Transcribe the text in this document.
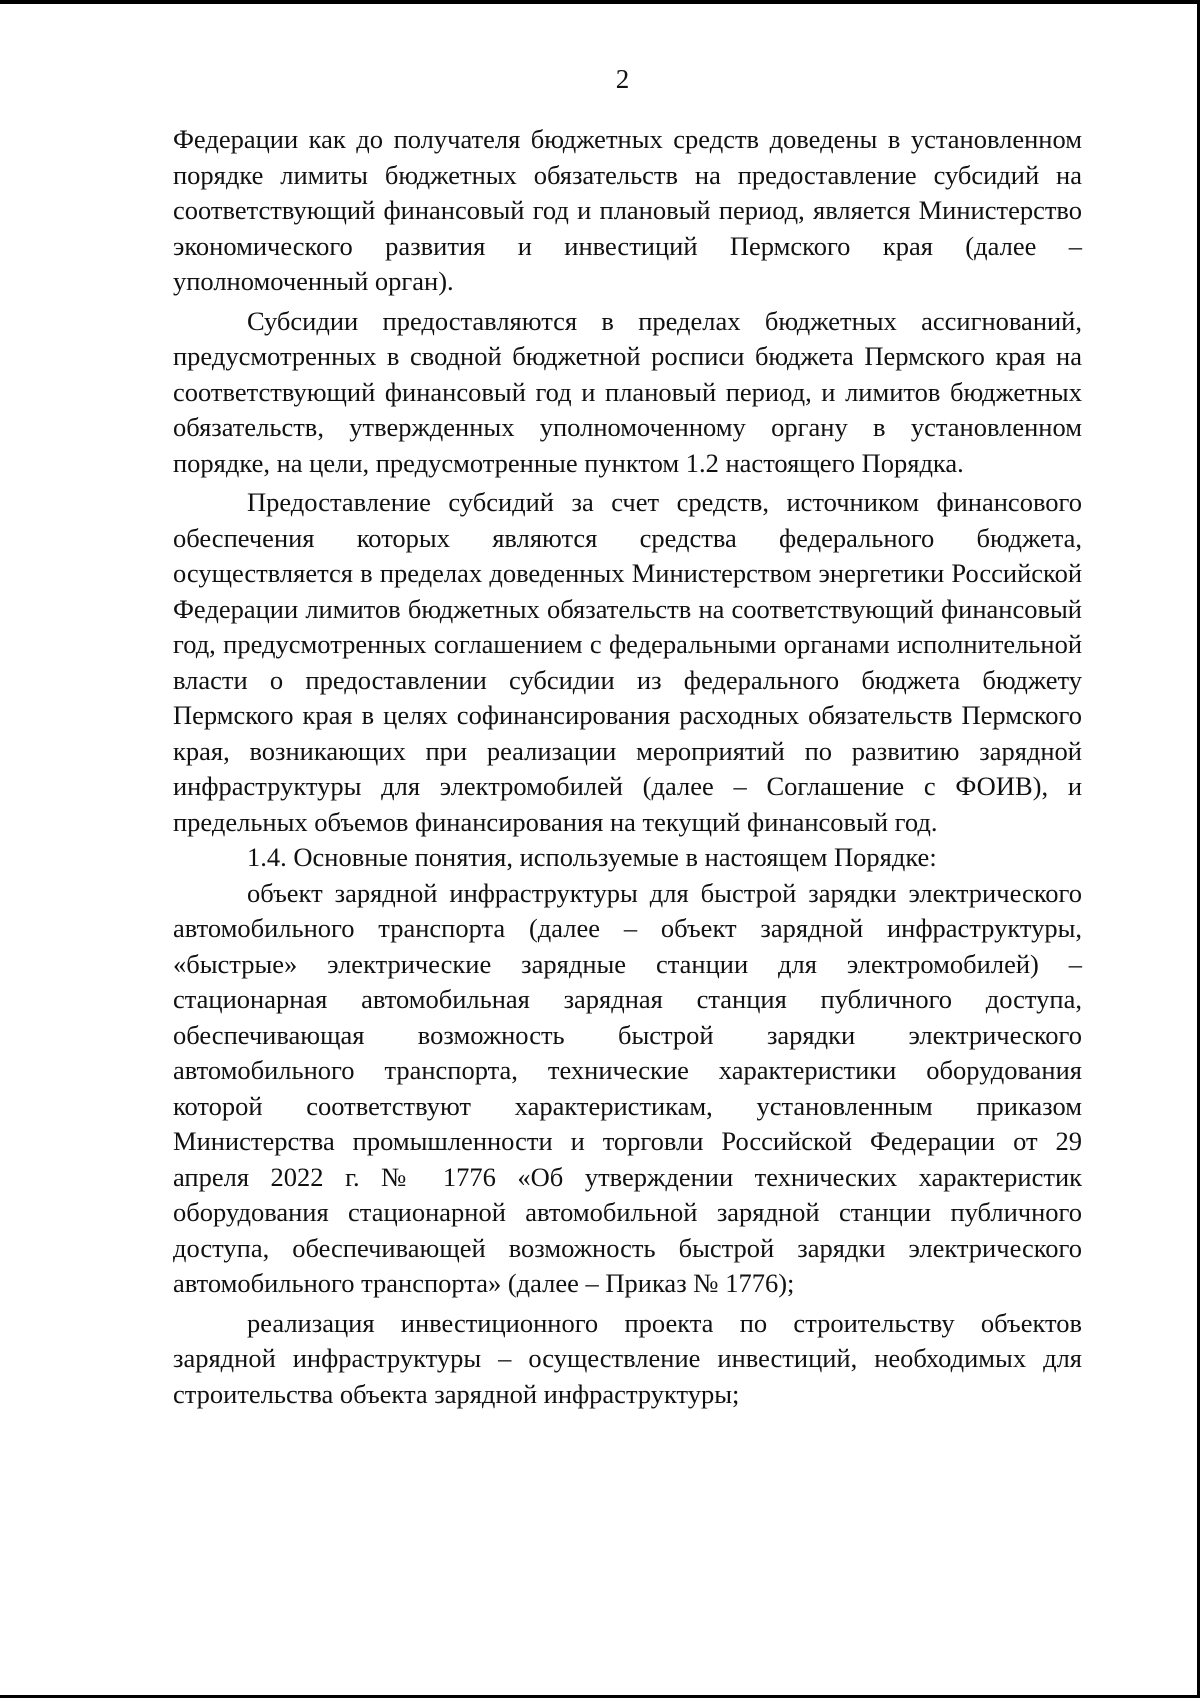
2

Федерации как до получателя бюджетных средств доведены в установленном порядке лимиты бюджетных обязательств на предоставление субсидий на соответствующий финансовый год и плановый период, является Министерство экономического развития и инвестиций Пермского края (далее – уполномоченный орган).

Субсидии предоставляются в пределах бюджетных ассигнований, предусмотренных в сводной бюджетной росписи бюджета Пермского края на соответствующий финансовый год и плановый период, и лимитов бюджетных обязательств, утвержденных уполномоченному органу в установленном порядке, на цели, предусмотренные пунктом 1.2 настоящего Порядка.

Предоставление субсидий за счет средств, источником финансового обеспечения которых являются средства федерального бюджета, осуществляется в пределах доведенных Министерством энергетики Российской Федерации лимитов бюджетных обязательств на соответствующий финансовый год, предусмотренных соглашением с федеральными органами исполнительной власти о предоставлении субсидии из федерального бюджета бюджету Пермского края в целях софинансирования расходных обязательств Пермского края, возникающих при реализации мероприятий по развитию зарядной инфраструктуры для электромобилей (далее – Соглашение с ФОИВ), и предельных объемов финансирования на текущий финансовый год.

1.4. Основные понятия, используемые в настоящем Порядке:

объект зарядной инфраструктуры для быстрой зарядки электрического автомобильного транспорта (далее – объект зарядной инфраструктуры, «быстрые» электрические зарядные станции для электромобилей) – стационарная автомобильная зарядная станция публичного доступа, обеспечивающая возможность быстрой зарядки электрического автомобильного транспорта, технические характеристики оборудования которой соответствуют характеристикам, установленным приказом Министерства промышленности и торговли Российской Федерации от 29 апреля 2022 г. № 1776 «Об утверждении технических характеристик оборудования стационарной автомобильной зарядной станции публичного доступа, обеспечивающей возможность быстрой зарядки электрического автомобильного транспорта» (далее – Приказ № 1776);

реализация инвестиционного проекта по строительству объектов зарядной инфраструктуры – осуществление инвестиций, необходимых для строительства объекта зарядной инфраструктуры;
